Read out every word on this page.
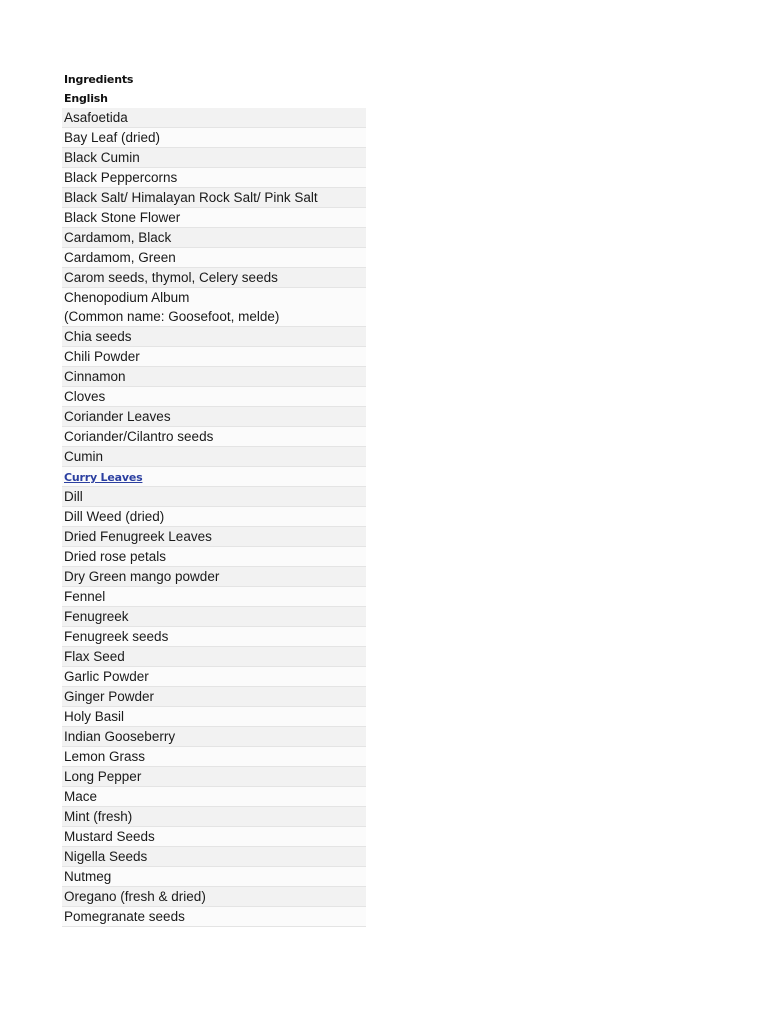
Ingredients
English
Asafoetida
Bay Leaf (dried)
Black Cumin
Black Peppercorns
Black Salt/ Himalayan Rock Salt/ Pink Salt
Black Stone Flower
Cardamom, Black
Cardamom, Green
Carom seeds, thymol, Celery seeds
Chenopodium Album
(Common name: Goosefoot, melde)
Chia seeds
Chili Powder
Cinnamon
Cloves
Coriander Leaves
Coriander/Cilantro seeds
Cumin
Curry Leaves
Dill
Dill Weed (dried)
Dried Fenugreek Leaves
Dried rose petals
Dry Green mango powder
Fennel
Fenugreek
Fenugreek seeds
Flax Seed
Garlic Powder
Ginger Powder
Holy Basil
Indian Gooseberry
Lemon Grass
Long Pepper
Mace
Mint (fresh)
Mustard Seeds
Nigella Seeds
Nutmeg
Oregano (fresh & dried)
Pomegranate seeds
